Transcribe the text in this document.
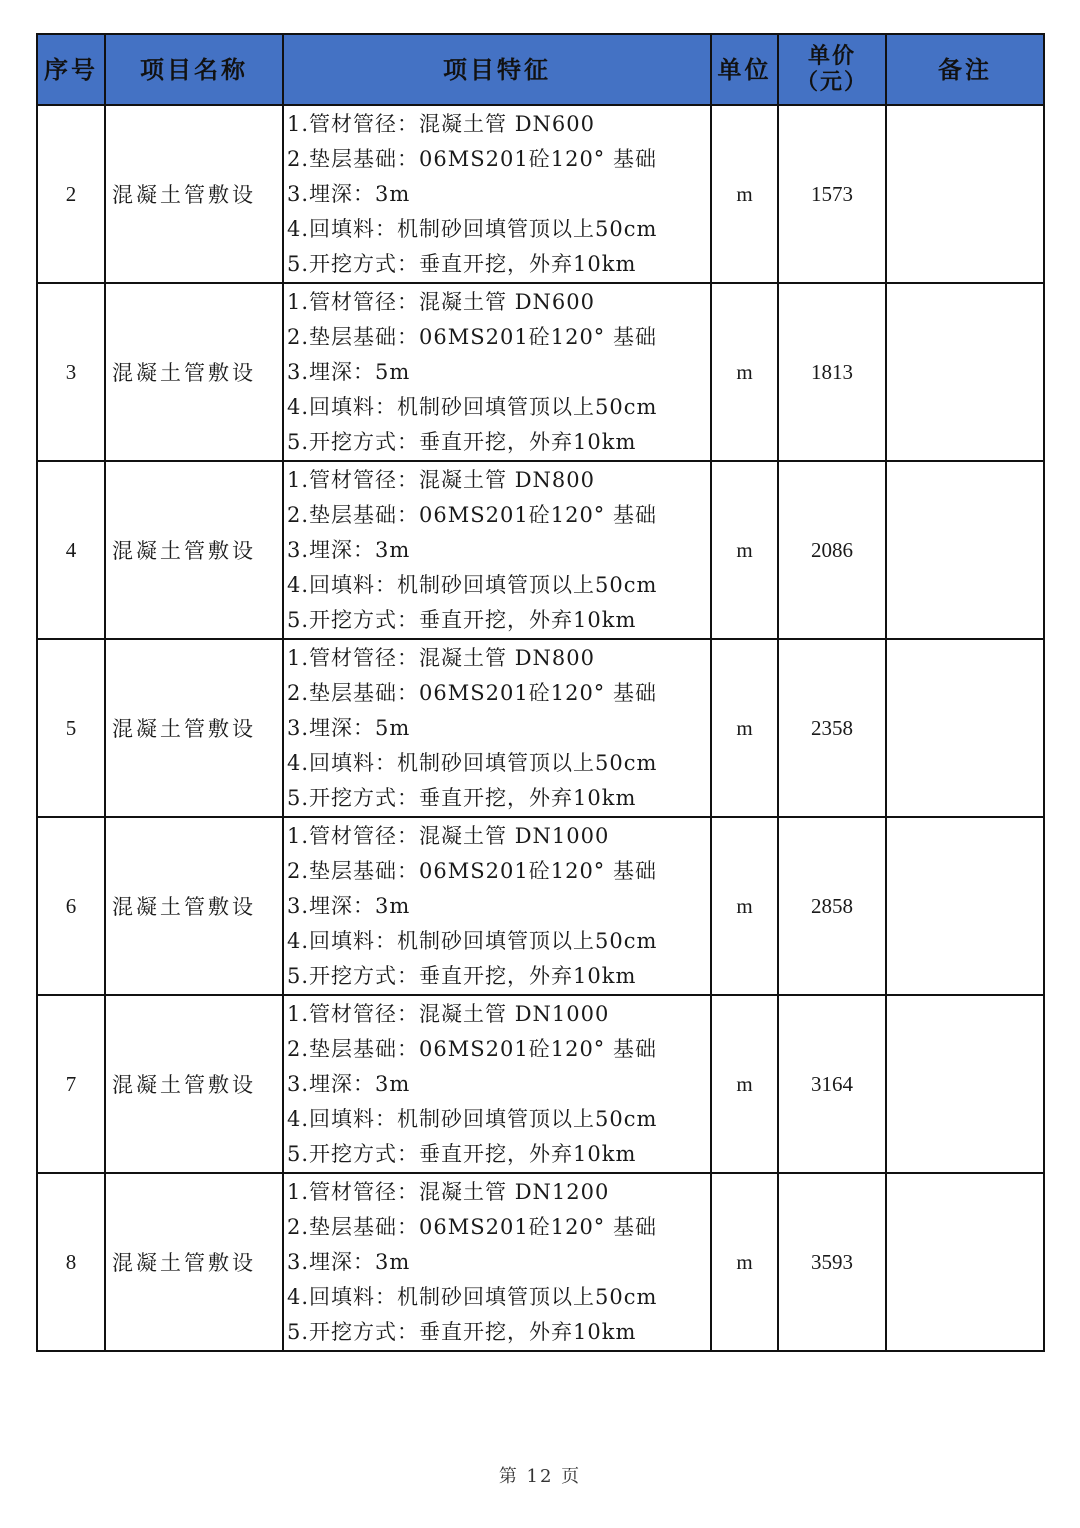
序号	项目名称	项目特征	单位	单价（元）	备注
2	混凝土管敷设	1.管材管径：混凝土管 DN600
2.垫层基础：06MS201砼120° 基础
3.埋深：3m
4.回填料：机制砂回填管顶以上50cm
5.开挖方式：垂直开挖，外弃10km	m	1573	
3	混凝土管敷设	1.管材管径：混凝土管 DN600
2.垫层基础：06MS201砼120° 基础
3.埋深：5m
4.回填料：机制砂回填管顶以上50cm
5.开挖方式：垂直开挖，外弃10km	m	1813	
4	混凝土管敷设	1.管材管径：混凝土管 DN800
2.垫层基础：06MS201砼120° 基础
3.埋深：3m
4.回填料：机制砂回填管顶以上50cm
5.开挖方式：垂直开挖，外弃10km	m	2086	
5	混凝土管敷设	1.管材管径：混凝土管 DN800
2.垫层基础：06MS201砼120° 基础
3.埋深：5m
4.回填料：机制砂回填管顶以上50cm
5.开挖方式：垂直开挖，外弃10km	m	2358	
6	混凝土管敷设	1.管材管径：混凝土管 DN1000
2.垫层基础：06MS201砼120° 基础
3.埋深：3m
4.回填料：机制砂回填管顶以上50cm
5.开挖方式：垂直开挖，外弃10km	m	2858	
7	混凝土管敷设	1.管材管径：混凝土管 DN1000
2.垫层基础：06MS201砼120° 基础
3.埋深：3m
4.回填料：机制砂回填管顶以上50cm
5.开挖方式：垂直开挖，外弃10km	m	3164	
8	混凝土管敷设	1.管材管径：混凝土管 DN1200
2.垫层基础：06MS201砼120° 基础
3.埋深：3m
4.回填料：机制砂回填管顶以上50cm
5.开挖方式：垂直开挖，外弃10km	m	3593	
第 12 页
